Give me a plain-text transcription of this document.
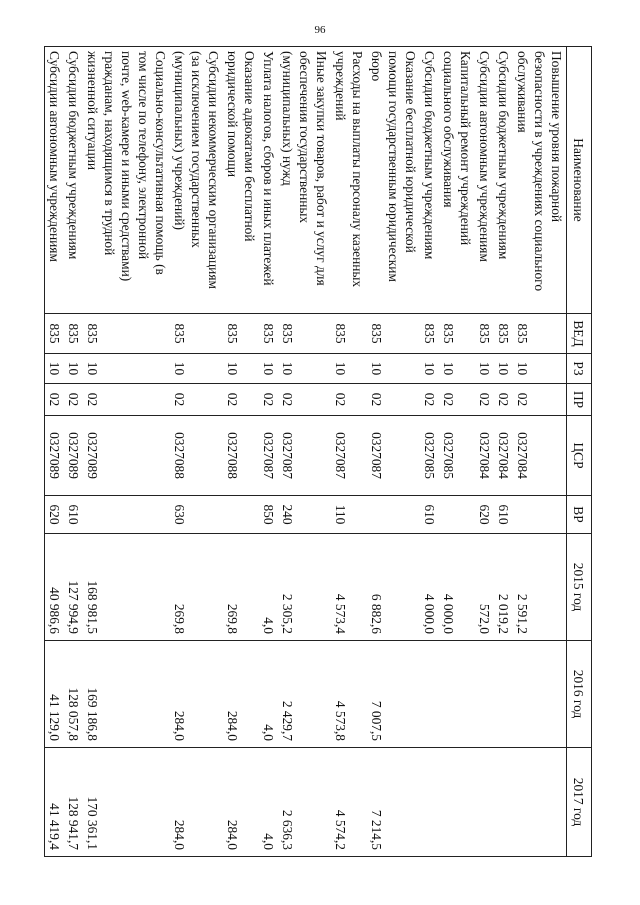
96
Наименование	ВЕД	РЗ	ПР	ЦСР	ВР	2015 год	2016 год	2017 год

Повышение уровня пожарной
безопасности в учреждениях социального
обслуживания	835	10	02	0327084		2 591,2		

Субсидии бюджетным учреждениям	835	10	02	0327084	610	2 019,2		

Субсидии автономным учреждениям	835	10	02	0327084	620	572,0		

Капитальный ремонт учреждений
социального обслуживания	835	10	02	0327085		4 000,0		

Субсидии бюджетным учреждениям	835	10	02	0327085	610	4 000,0		

Оказание бесплатной юридической
помощи государственным юридическим
бюро	835	10	02	0327087		6 882,6	7 007,5	7 214,5

Расходы на выплаты персоналу казенных
учреждений	835	10	02	0327087	110	4 573,4	4 573,8	4 574,2

Иные закупки товаров, работ и услуг для
обеспечения государственных
(муниципальных) нужд	835	10	02	0327087	240	2 305,2	2 429,7	2 636,3

Уплата налогов, сборов и иных платежей	835	10	02	0327087	850	4,0	4,0	4,0

Оказание адвокатами бесплатной
юридической помощи	835	10	02	0327088		269,8	284,0	284,0

Субсидии некоммерческим организациям
(за исключением государственных
(муниципальных) учреждений)	835	10	02	0327088	630	269,8	284,0	284,0

Социально-консультативная помощь (в
том числе по телефону, электронной
почте, web-камере и иными средствами)
гражданам, находящимся в трудной
жизненной ситуации	835	10	02	0327089		168 981,5	169 186,8	170 361,1

Субсидии бюджетным учреждениям	835	10	02	0327089	610	127 994,9	128 057,8	128 941,7

Субсидии автономным учреждениям	835	10	02	0327089	620	40 986,6	41 129,0	41 419,4
